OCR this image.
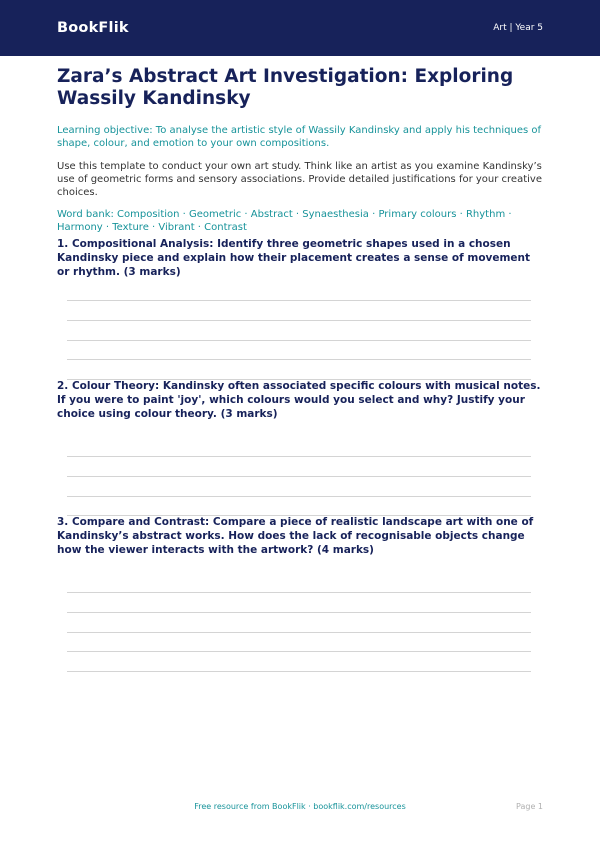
BookFlik	Art | Year 5
Zara’s Abstract Art Investigation: Exploring Wassily Kandinsky

Learning objective: To analyse the artistic style of Wassily Kandinsky and apply his techniques of shape, colour, and emotion to your own compositions.

Use this template to conduct your own art study. Think like an artist as you examine Kandinsky’s use of geometric forms and sensory associations. Provide detailed justifications for your creative choices.

Word bank: Composition · Geometric · Abstract · Synaesthesia · Primary colours · Rhythm · Harmony · Texture · Vibrant · Contrast

1. Compositional Analysis: Identify three geometric shapes used in a chosen Kandinsky piece and explain how their placement creates a sense of movement or rhythm. (3 marks)
2. Colour Theory: Kandinsky often associated specific colours with musical notes. If you were to paint 'joy', which colours would you select and why? Justify your choice using colour theory. (3 marks)
3. Compare and Contrast: Compare a piece of realistic landscape art with one of Kandinsky’s abstract works. How does the lack of recognisable objects change how the viewer interacts with the artwork? (4 marks)
Free resource from BookFlik · bookflik.com/resources	Page 1
